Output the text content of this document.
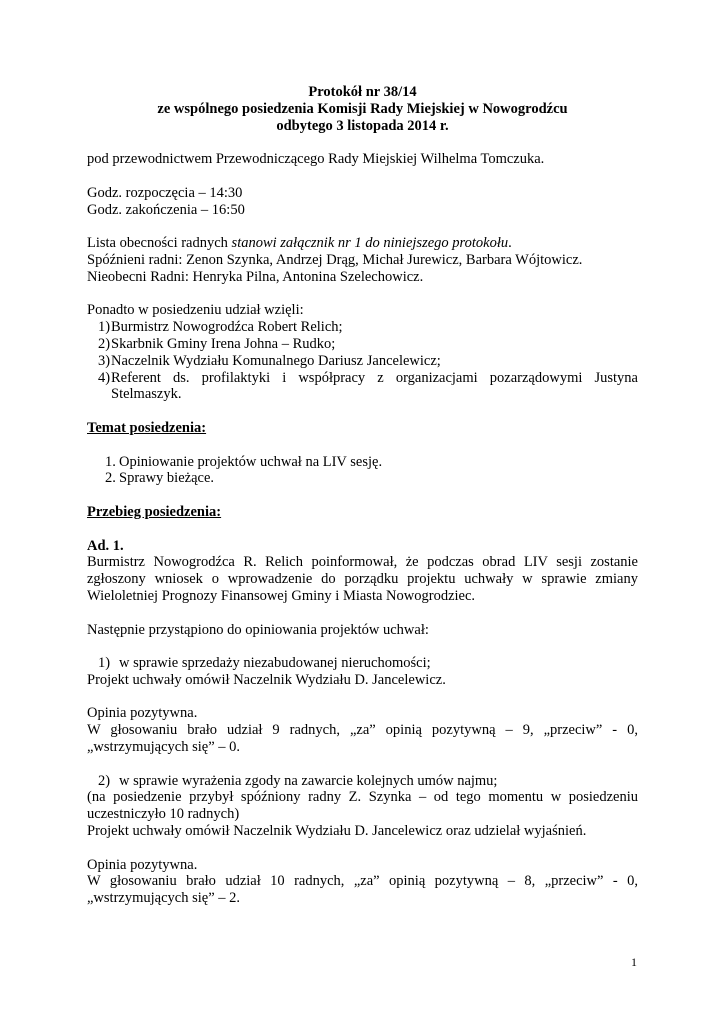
Protokół nr 38/14

ze wspólnego posiedzenia Komisji Rady Miejskiej w Nowogrodźcu

odbytego 3 listopada 2014 r.

pod przewodnictwem Przewodniczącego Rady Miejskiej Wilhelma Tomczuka.

Godz. rozpoczęcia – 14:30

Godz. zakończenia – 16:50

Lista obecności radnych stanowi załącznik nr 1 do niniejszego protokołu.

Spóźnieni radni: Zenon Szynka, Andrzej Drąg, Michał Jurewicz, Barbara Wójtowicz.

Nieobecni Radni: Henryka Pilna, Antonina Szelechowicz.

Ponadto w posiedzeniu udział wzięli:

1) Burmistrz Nowogrodźca Robert Relich;
2) Skarbnik Gminy Irena Johna – Rudko;
3) Naczelnik Wydziału Komunalnego Dariusz Jancelewicz;
4) Referent ds. profilaktyki i współpracy z organizacjami pozarządowymi Justyna Stelmaszyk.

Temat posiedzenia:

1. Opiniowanie projektów uchwał na LIV sesję.
2. Sprawy bieżące.

Przebieg posiedzenia:

Ad. 1.

Burmistrz Nowogrodźca R. Relich poinformował, że podczas obrad LIV sesji zostanie zgłoszony wniosek o wprowadzenie do porządku projektu uchwały w sprawie zmiany Wieloletniej Prognozy Finansowej Gminy i Miasta Nowogrodziec.

Następnie przystąpiono do opiniowania projektów uchwał:

1) w sprawie sprzedaży niezabudowanej nieruchomości;

Projekt uchwały omówił Naczelnik Wydziału D. Jancelewicz.

Opinia pozytywna.

W głosowaniu brało udział 9 radnych, „za” opinią pozytywną – 9, „przeciw” - 0, „wstrzymujących się” – 0.

2) w sprawie wyrażenia zgody na zawarcie kolejnych umów najmu;

(na posiedzenie przybył spóźniony radny Z. Szynka – od tego momentu w posiedzeniu uczestniczyło 10 radnych)

Projekt uchwały omówił Naczelnik Wydziału D. Jancelewicz oraz udzielał wyjaśnień.

Opinia pozytywna.

W głosowaniu brało udział 10 radnych, „za” opinią pozytywną – 8, „przeciw” - 0, „wstrzymujących się” – 2.

1
